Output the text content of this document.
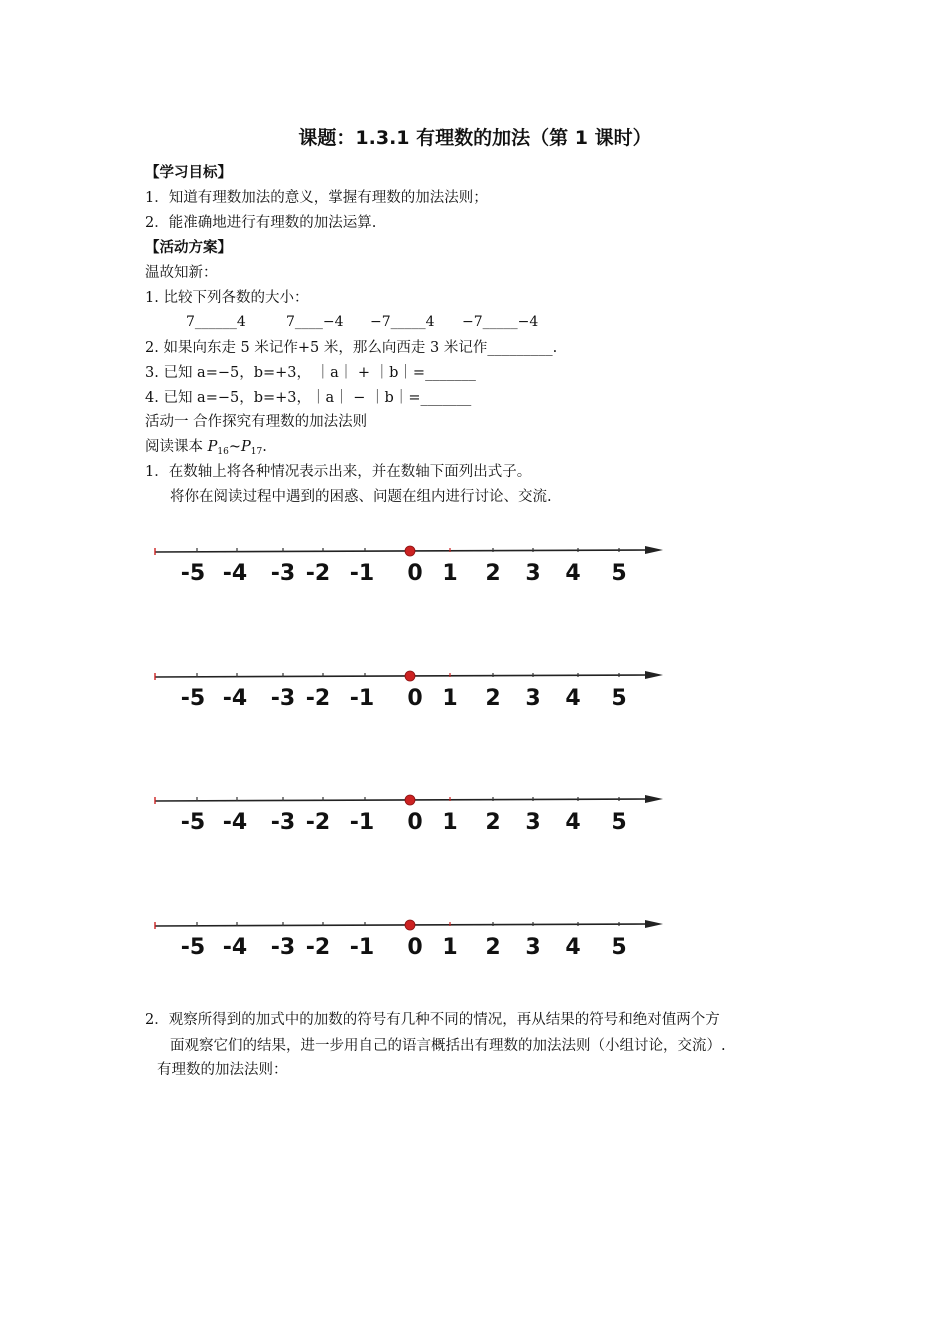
课题：1.3.1 有理数的加法（第 1 课时）
【学习目标】
1．知道有理数加法的意义，掌握有理数的加法法则；
2．能准确地进行有理数的加法运算.
【活动方案】
温故知新：
1. 比较下列各数的大小：
7______4	7____−4 −7_____4 −7_____−4
2. 如果向东走 5 米记作+5 米，那么向西走 3 米记作_________.
3. 已知 a=−5，b=+3， ｜a｜ + ｜b｜=_______
4. 已知 a=−5，b=+3，｜a｜ − ｜b｜=_______
活动一 合作探究有理数的加法法则
阅读课本 $P_{16}\sim P_{17}$.
1．在数轴上将各种情况表示出来，并在数轴下面列出式子。
将你在阅读过程中遇到的困惑、问题在组内进行讨论、交流.
-5 -4 -3 -2 -1 0 1 2 3 4 5
-5 -4 -3 -2 -1 0 1 2 3 4 5
-5 -4 -3 -2 -1 0 1 2 3 4 5
-5 -4 -3 -2 -1 0 1 2 3 4 5
2．观察所得到的加式中的加数的符号有几种不同的情况，再从结果的符号和绝对值两个方
面观察它们的结果，进一步用自己的语言概括出有理数的加法法则（小组讨论，交流）.
有理数的加法法则：
